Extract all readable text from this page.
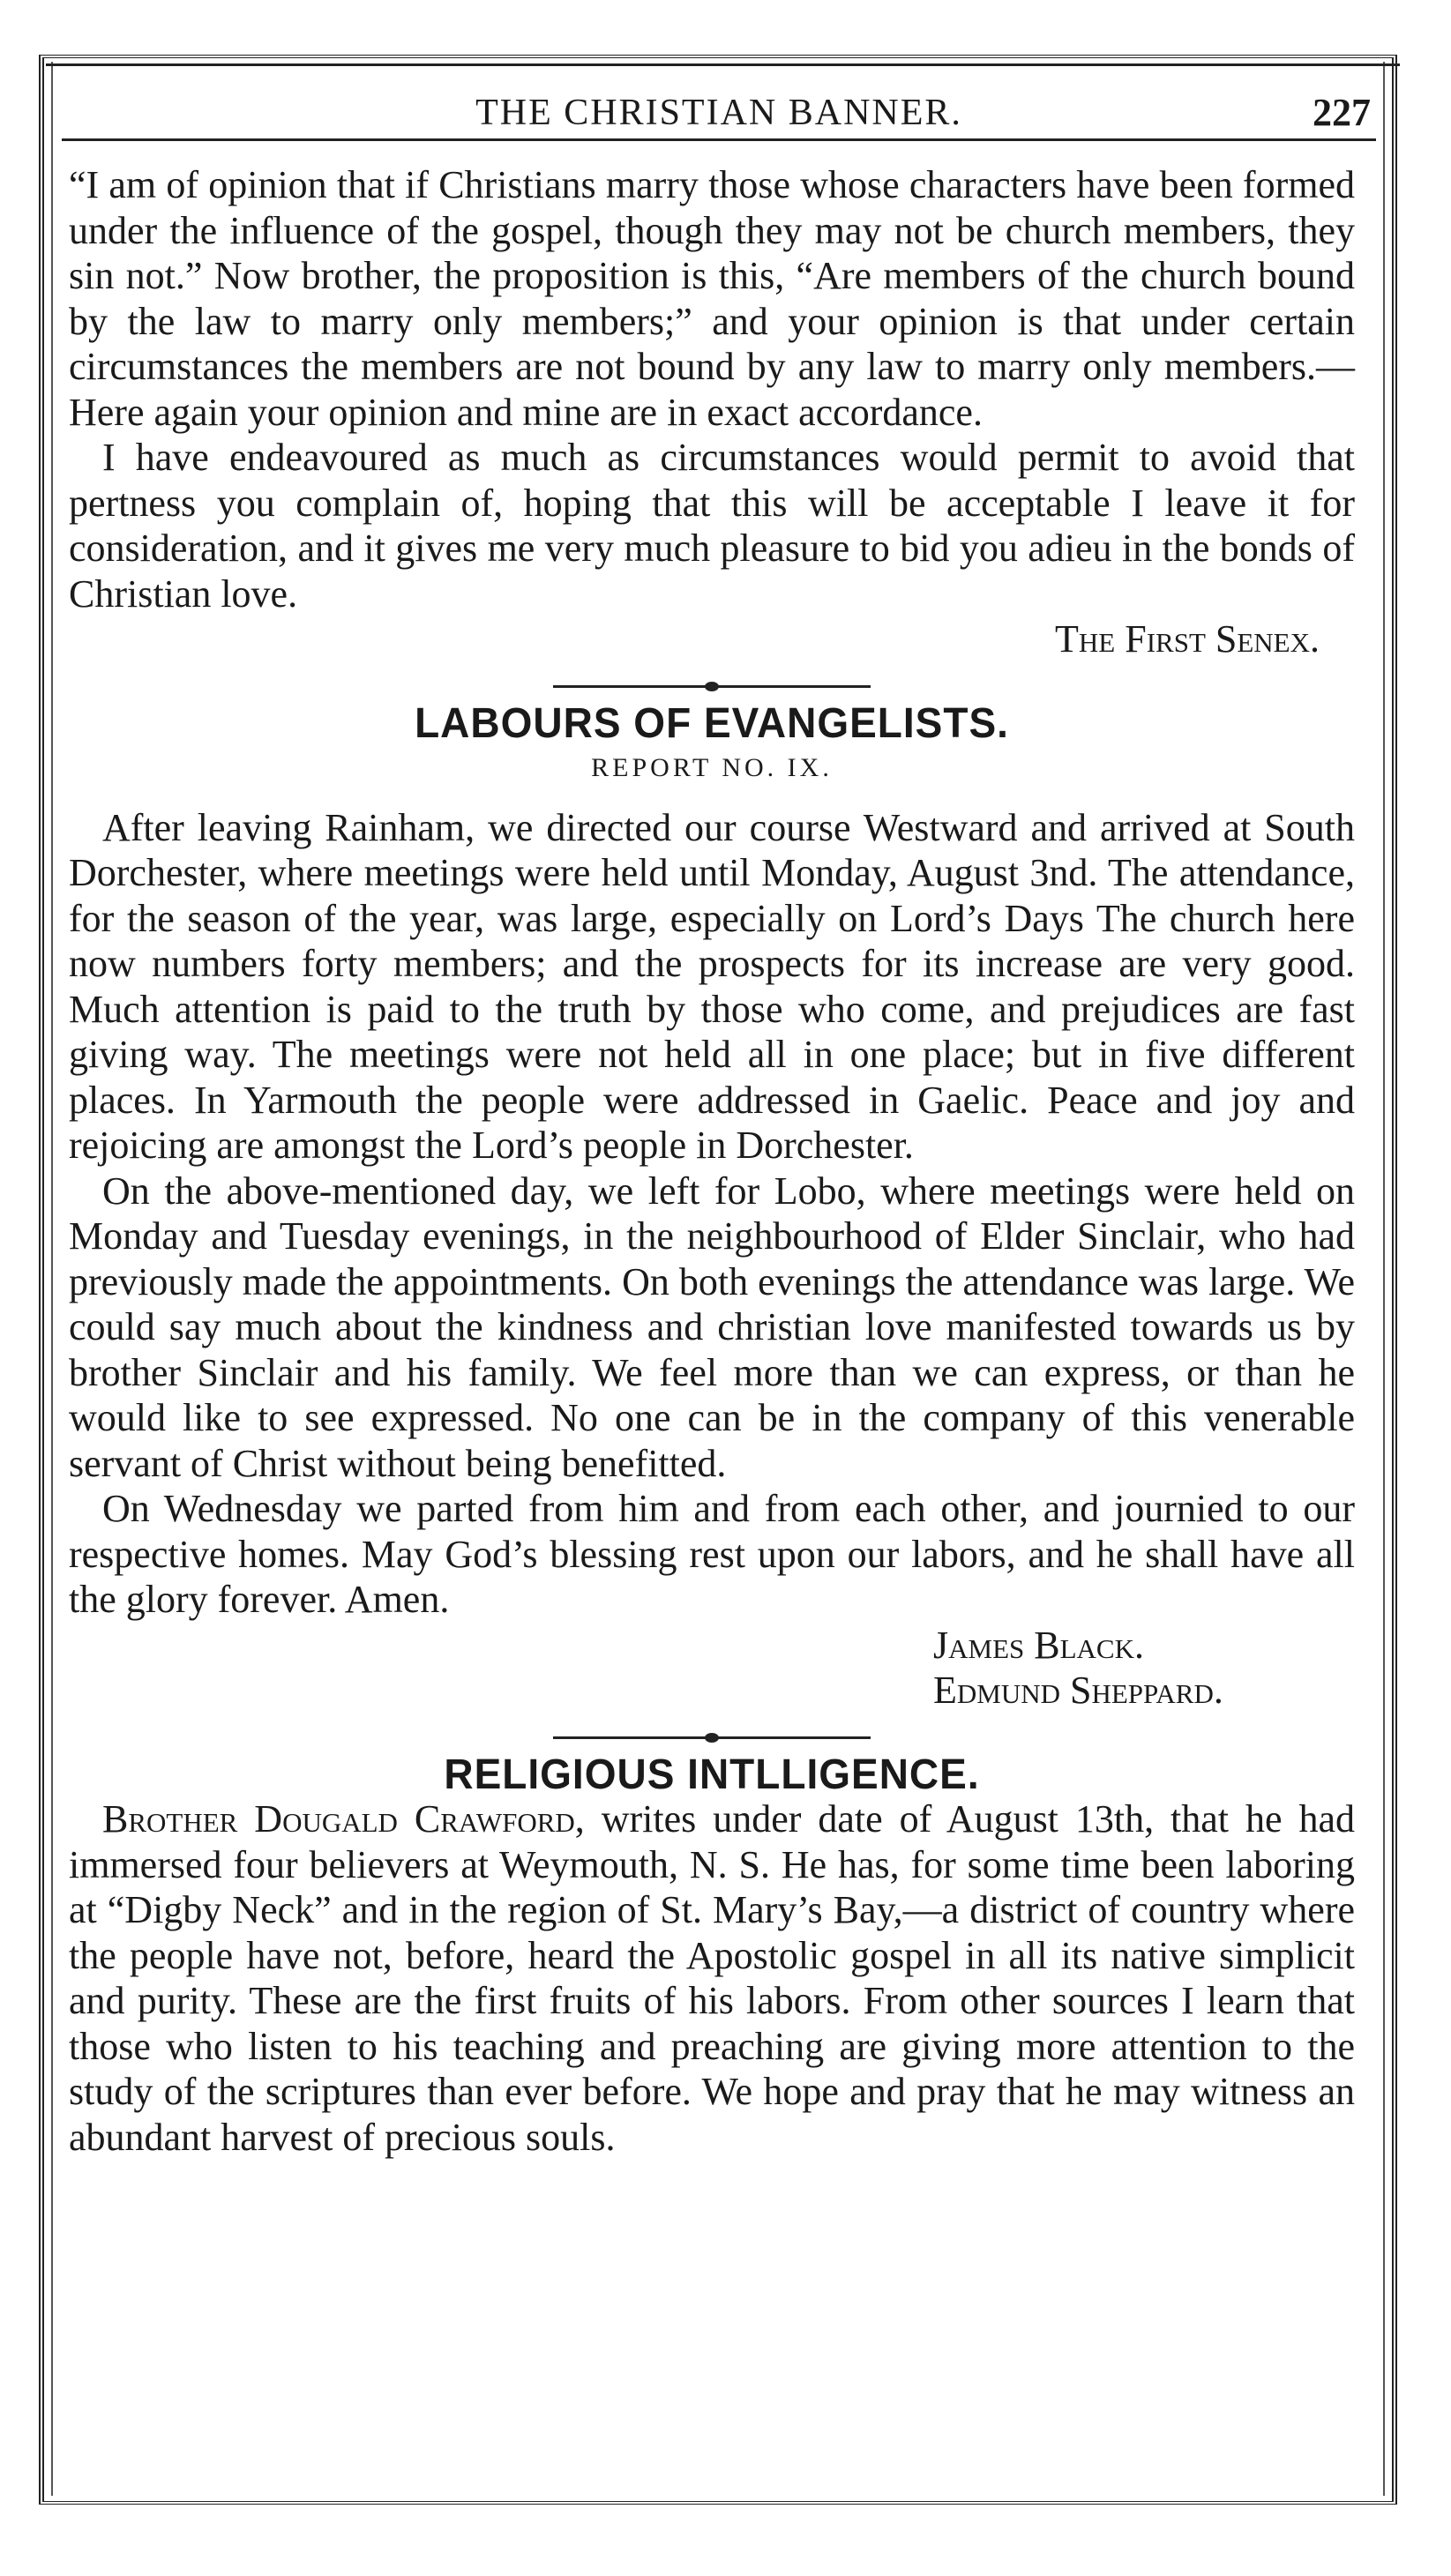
THE CHRISTIAN BANNER.	227

“I am of opinion that if Christians marry those whose characters have been formed under the influence of the gospel, though they may not be church members, they sin not.” Now brother, the proposition is this, “Are members of the church bound by the law to marry only members;” and your opinion is that under certain circumstances the members are not bound by any law to marry only members.—Here again your opinion and mine are in exact accordance.

I have endeavoured as much as circumstances would permit to avoid that pertness you complain of, hoping that this will be acceptable I leave it for consideration, and it gives me very much pleasure to bid you adieu in the bonds of Christian love.

The First Senex.

LABOURS OF EVANGELISTS.
REPORT NO. IX.

After leaving Rainham, we directed our course Westward and arrived at South Dorchester, where meetings were held until Monday, August 3nd. The attendance, for the season of the year, was large, especially on Lord’s Days The church here now numbers forty members; and the prospects for its increase are very good. Much attention is paid to the truth by those who come, and prejudices are fast giving way. The meetings were not held all in one place; but in five different places. In Yarmouth the people were addressed in Gaelic. Peace and joy and rejoicing are amongst the Lord’s people in Dorchester.

On the above-mentioned day, we left for Lobo, where meetings were held on Monday and Tuesday evenings, in the neighbourhood of Elder Sinclair, who had previously made the appointments. On both evenings the attendance was large. We could say much about the kindness and christian love manifested towards us by brother Sinclair and his family. We feel more than we can express, or than he would like to see expressed. No one can be in the company of this venerable servant of Christ without being benefitted.

On Wednesday we parted from him and from each other, and journied to our respective homes. May God’s blessing rest upon our labors, and he shall have all the glory forever. Amen.

James Black.
Edmund Sheppard.
RELIGIOUS INTLLIGENCE.

Brother Dougald Crawford, writes under date of August 13th, that he had immersed four believers at Weymouth, N. S. He has, for some time been laboring at “Digby Neck” and in the region of St. Mary’s Bay,—a district of country where the people have not, before, heard the Apostolic gospel in all its native simplicit and purity. These are the first fruits of his labors. From other sources I learn that those who listen to his teaching and preaching are giving more attention to the study of the scriptures than ever before. We hope and pray that he may witness an abundant harvest of precious souls.
